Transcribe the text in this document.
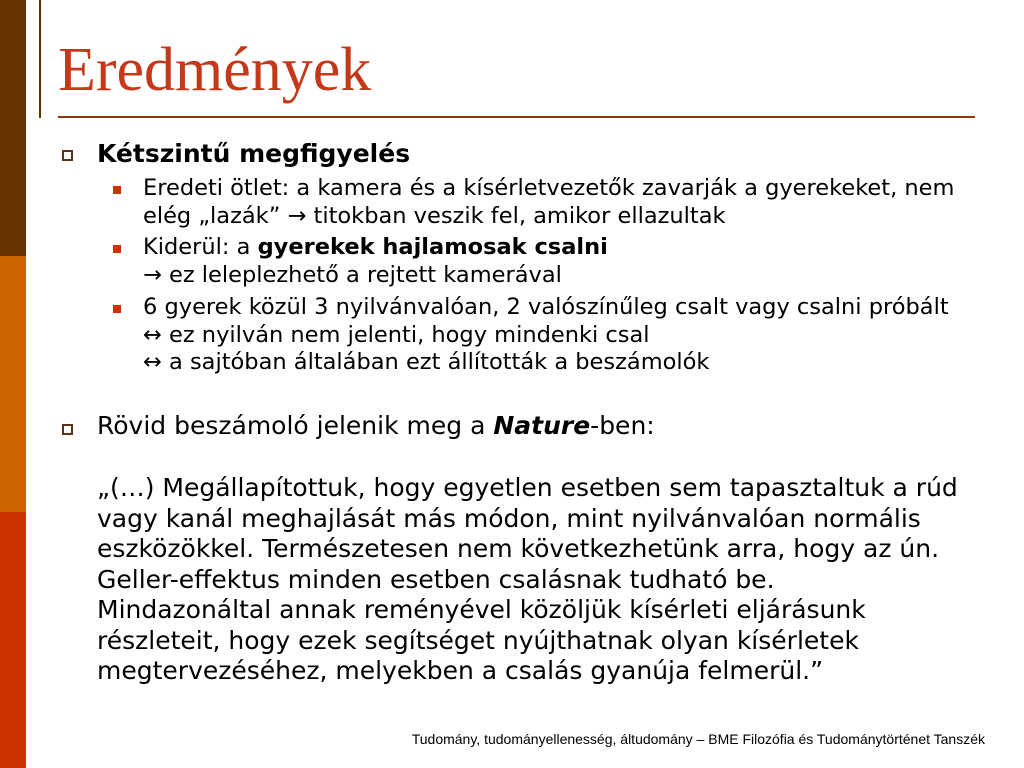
Eredmények
Kétszintű megfigyelés
Eredeti ötlet: a kamera és a kísérletvezetők zavarják a gyerekeket, nem
elég „lazák” → titokban veszik fel, amikor ellazultak
Kiderül: a gyerekek hajlamosak csalni
→ ez leleplezhető a rejtett kamerával
6 gyerek közül 3 nyilvánvalóan, 2 valószínűleg csalt vagy csalni próbált
↔ ez nyilván nem jelenti, hogy mindenki csal
↔ a sajtóban általában ezt állították a beszámolók
Rövid beszámoló jelenik meg a Nature-ben:
„(…) Megállapítottuk, hogy egyetlen esetben sem tapasztaltuk a rúd
vagy kanál meghajlását más módon, mint nyilvánvalóan normális
eszközökkel. Természetesen nem következhetünk arra, hogy az ún.
Geller-effektus minden esetben csalásnak tudható be.
Mindazonáltal annak reményével közöljük kísérleti eljárásunk
részleteit, hogy ezek segítséget nyújthatnak olyan kísérletek
megtervezéséhez, melyekben a csalás gyanúja felmerül.”
Tudomány, tudományellenesség, áltudomány – BME Filozófia és Tudománytörténet Tanszék
